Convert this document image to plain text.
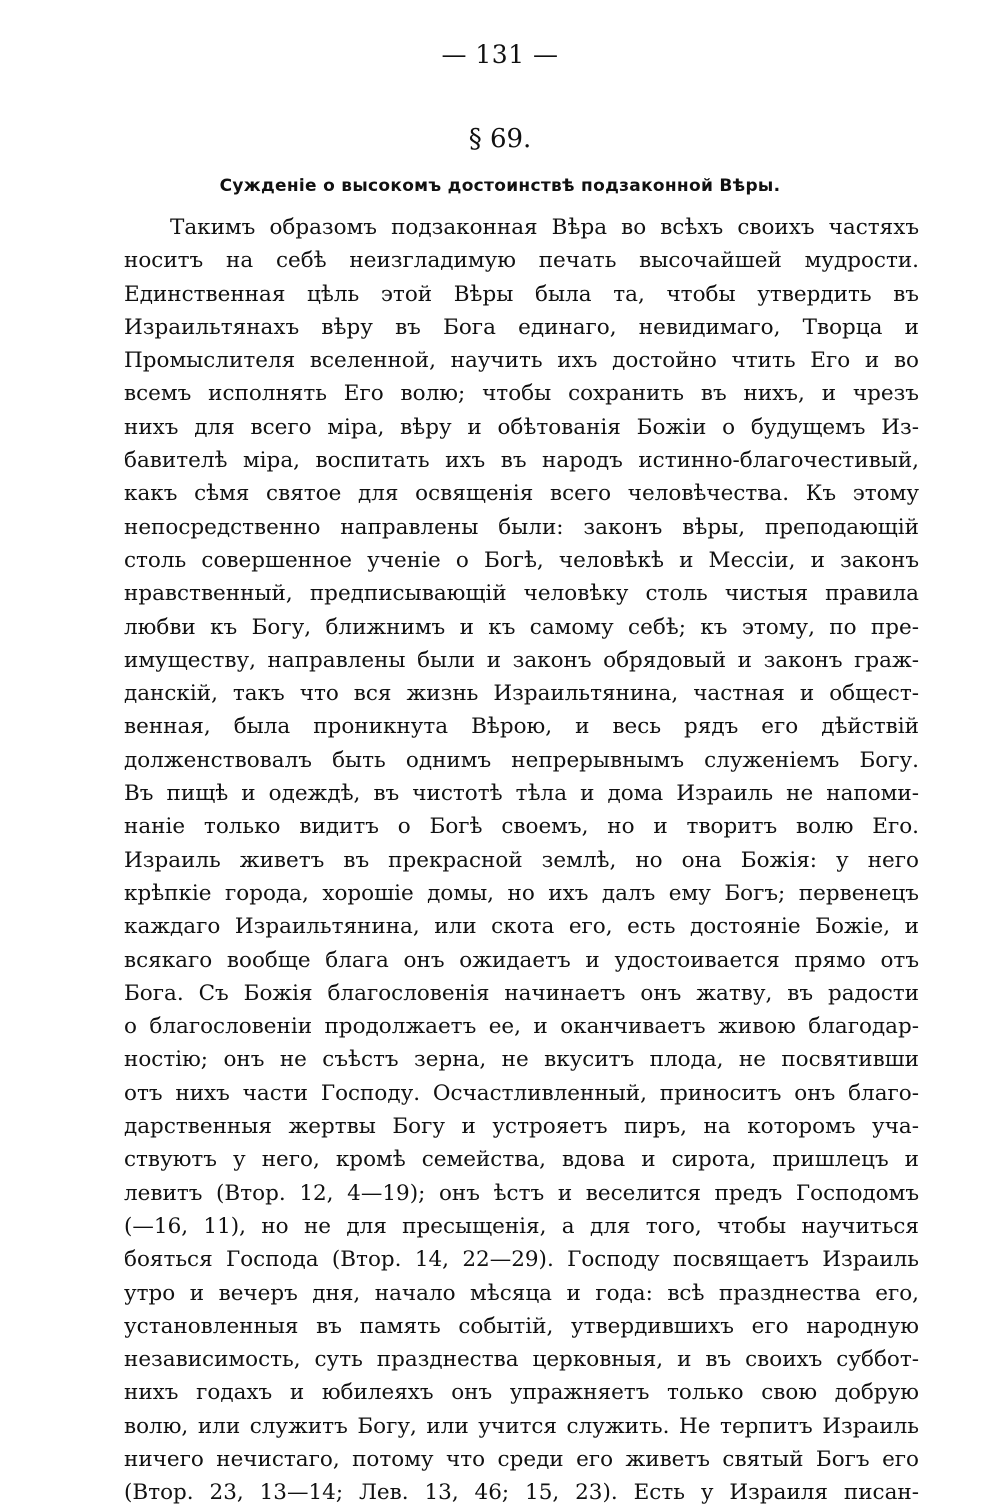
— 131 —
§ 69.
Сужденіе о высокомъ достоинствѣ подзаконной Вѣры.
Такимъ образомъ подзаконная Вѣра во всѣхъ своихъ частяхъ
носитъ на себѣ неизгладимую печать высочайшей мудрости.
Единственная цѣль этой Вѣры была та, чтобы утвердить въ
Израильтянахъ вѣру въ Бога единаго, невидимаго, Творца и
Промыслителя вселенной, научить ихъ достойно чтить Его и во
всемъ исполнять Его волю; чтобы сохранить въ нихъ, и чрезъ
нихъ для всего міра, вѣру и обѣтованія Божіи о будущемъ Из-
бавителѣ міра, воспитать ихъ въ народъ истинно-благочестивый,
какъ сѣмя святое для освященія всего человѣчества. Къ этому
непосредственно направлены были: законъ вѣры, преподающій
столь совершенное ученіе о Богѣ, человѣкѣ и Мессіи, и законъ
нравственный, предписывающій человѣку столь чистыя правила
любви къ Богу, ближнимъ и къ самому себѣ; къ этому, по пре-
имуществу, направлены были и законъ обрядовый и законъ граж-
данскій, такъ что вся жизнь Израильтянина, частная и общест-
венная, была проникнута Вѣрою, и весь рядъ его дѣйствій
долженствовалъ быть однимъ непрерывнымъ служеніемъ Богу.
Въ пищѣ и одеждѣ, въ чистотѣ тѣла и дома Израиль не напоми-
наніе только видитъ о Богѣ своемъ, но и творитъ волю Его.
Израиль живетъ въ прекрасной землѣ, но она Божія: у него
крѣпкіе города, хорошіе домы, но ихъ далъ ему Богъ; первенецъ
каждаго Израильтянина, или скота его, есть достояніе Божіе, и
всякаго вообще блага онъ ожидаетъ и удостоивается прямо отъ
Бога. Съ Божія благословенія начинаетъ онъ жатву, въ радости
о благословеніи продолжаетъ ее, и оканчиваетъ живою благодар-
ностію; онъ не съѣстъ зерна, не вкуситъ плода, не посвятивши
отъ нихъ части Господу. Осчастливленный, приноситъ онъ благо-
дарственныя жертвы Богу и устрояетъ пиръ, на которомъ уча-
ствуютъ у него, кромѣ семейства, вдова и сирота, пришлецъ и
левитъ (Втор. 12, 4—19); онъ ѣстъ и веселится предъ Господомъ
(—16, 11), но не для пресыщенія, а для того, чтобы научиться
бояться Господа (Втор. 14, 22—29). Господу посвящаетъ Израиль
утро и вечеръ дня, начало мѣсяца и года: всѣ празднества его,
установленныя въ память событій, утвердившихъ его народную
независимость, суть празднества церковныя, и въ своихъ суббот-
нихъ годахъ и юбилеяхъ онъ упражняетъ только свою добрую
волю, или служитъ Богу, или учится служить. Не терпитъ Израиль
ничего нечистаго, потому что среди его живетъ святый Богъ его
(Втор. 23, 13—14; Лев. 13, 46; 15, 23). Есть у Израиля писан-
